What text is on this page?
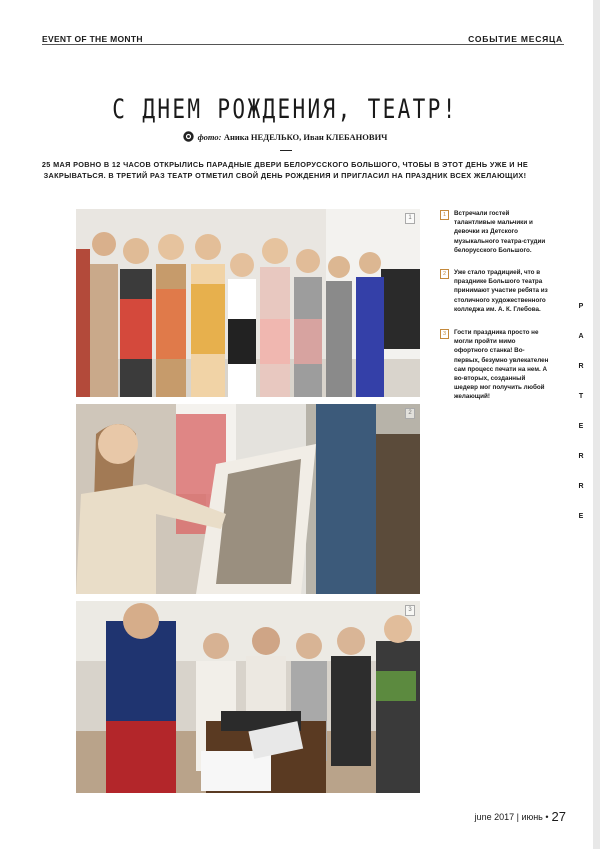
EVENT OF THE MONTH	СОБЫТИЕ МЕСЯЦА
P
A
R
T
E
R
R
E
С ДНЕМ РОЖДЕНИЯ, ТЕАТР!
фото: Аника НЕДЕЛЬКО, Иван КЛЕБАНОВИЧ

25 МАЯ РОВНО В 12 ЧАСОВ ОТКРЫЛИСЬ ПАРАДНЫЕ ДВЕРИ БЕЛОРУССКОГО БОЛЬШОГО, ЧТОБЫ В ЭТОТ ДЕНЬ УЖЕ И НЕ ЗАКРЫВАТЬСЯ. В ТРЕТИЙ РАЗ ТЕАТР ОТМЕТИЛ СВОЙ ДЕНЬ РОЖДЕНИЯ И ПРИГЛАСИЛ НА ПРАЗДНИК ВСЕХ ЖЕЛАЮЩИХ!

1
2
3
1	Встречали гостей талантливые мальчики и девочки из Детского музыкального театра-студии белорусского Большого.
2	Уже стало традицией, что в празднике Большого театра принимают участие ребята из столичного художественного колледжа им. А. К. Глебова.
3	Гости праздника просто не могли пройти мимо офортного станка! Во-первых, безумно увлекателен сам процесс печати на нем. А во-вторых, созданный шедевр мог получить любой желающий!
june 2017 | июнь • 27
